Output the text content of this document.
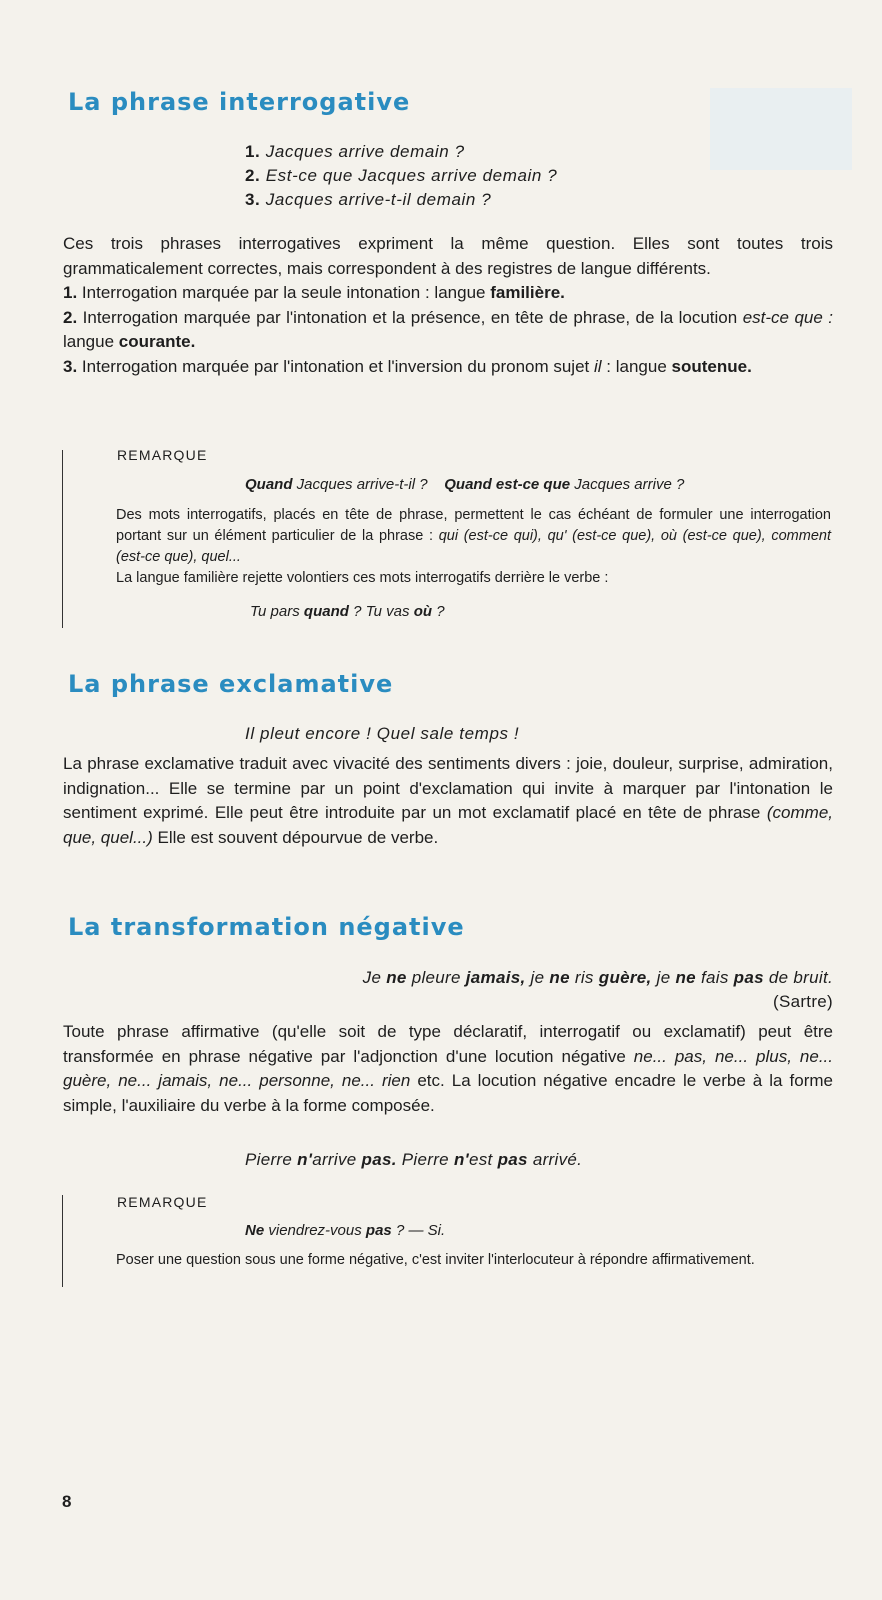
La phrase interrogative
1. Jacques arrive demain ?
2. Est-ce que Jacques arrive demain ?
3. Jacques arrive-t-il demain ?

Ces trois phrases interrogatives expriment la même question. Elles sont toutes trois grammaticalement correctes, mais correspondent à des registres de langue différents.
1. Interrogation marquée par la seule intonation : langue familière.
2. Interrogation marquée par l'intonation et la présence, en tête de phrase, de la locution est-ce que : langue courante.
3. Interrogation marquée par l'intonation et l'inversion du pronom sujet il : langue soutenue.

REMARQUE
Quand Jacques arrive-t-il ? Quand est-ce que Jacques arrive ?

Des mots interrogatifs, placés en tête de phrase, permettent le cas échéant de formuler une interrogation portant sur un élément particulier de la phrase : qui (est-ce qui), qu' (est-ce que), où (est-ce que), comment (est-ce que), quel...
La langue familière rejette volontiers ces mots interrogatifs derrière le verbe :

Tu pars quand ? Tu vas où ?
La phrase exclamative
Il pleut encore ! Quel sale temps !

La phrase exclamative traduit avec vivacité des sentiments divers : joie, douleur, surprise, admiration, indignation... Elle se termine par un point d'exclamation qui invite à marquer par l'intonation le sentiment exprimé. Elle peut être introduite par un mot exclamatif placé en tête de phrase (comme, que, quel...) Elle est souvent dépourvue de verbe.

La transformation négative
Je ne pleure jamais, je ne ris guère, je ne fais pas de bruit.
(Sartre)

Toute phrase affirmative (qu'elle soit de type déclaratif, interrogatif ou exclamatif) peut être transformée en phrase négative par l'adjonction d'une locution négative ne... pas, ne... plus, ne... guère, ne... jamais, ne... personne, ne... rien etc. La locution négative encadre le verbe à la forme simple, l'auxiliaire du verbe à la forme composée.

Pierre n'arrive pas. Pierre n'est pas arrivé.
REMARQUE
Ne viendrez-vous pas ? — Si.

Poser une question sous une forme négative, c'est inviter l'interlocuteur à répondre affirmativement.

8
